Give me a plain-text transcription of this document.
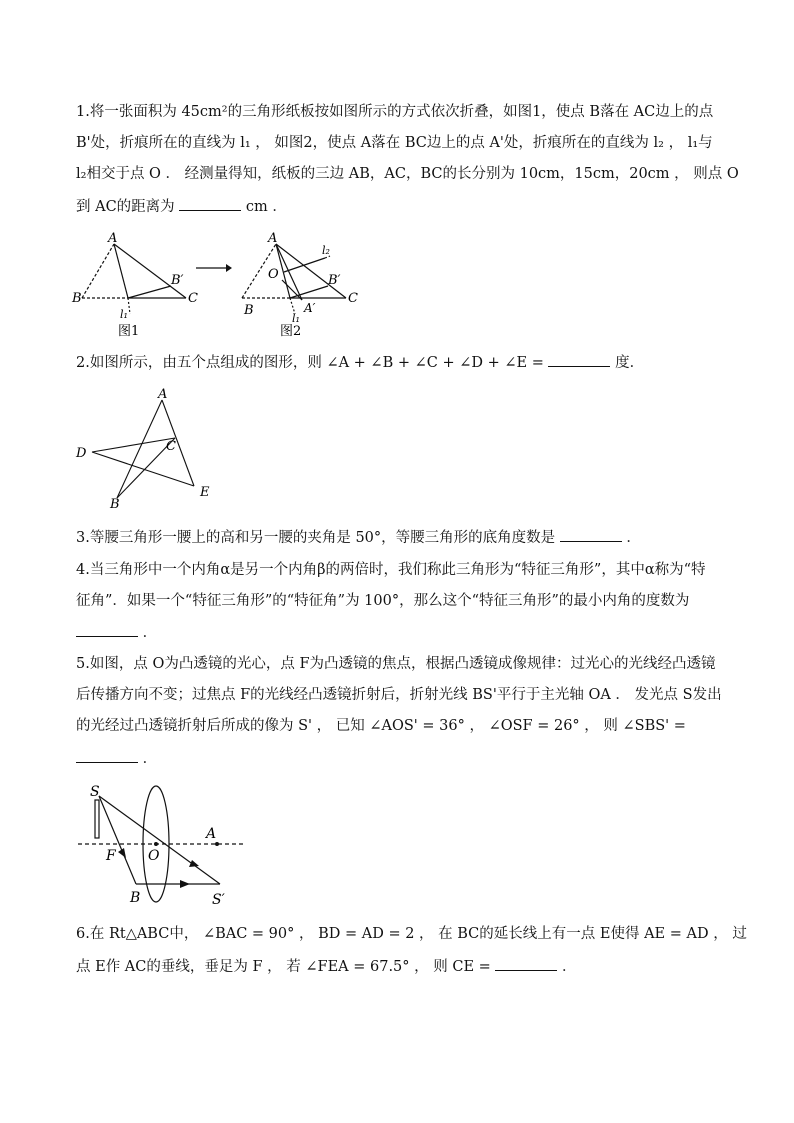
1.将一张面积为 45cm²的三角形纸板按如图所示的方式依次折叠，如图1，使点 B落在 AC边上的点
B'处，折痕所在的直线为 l₁ ， 如图2，使点 A落在 BC边上的点 A'处，折痕所在的直线为 l₂ ， l₁与
l₂相交于点 O ． 经测量得知，纸板的三边 AB，AC，BC的长分别为 10cm，15cm，20cm ， 则点 O
到 AC的距离为	cm ．
A
B	C
B′
l₁
图1
A
B
C
B′
A′
O
l₁
l₂
图2
2.如图所示，由五个点组成的图形，则 ∠A + ∠B + ∠C + ∠D + ∠E =	度．
A
B
C
D
E
3.等腰三角形一腰上的高和另一腰的夹角是 50°，等腰三角形的底角度数是	．
4.当三角形中一个内角α是另一个内角β的两倍时，我们称此三角形为“特征三角形”，其中α称为“特
征角”．如果一个“特征三角形”的“特征角”为 100°，那么这个“特征三角形”的最小内角的度数为
．
5.如图，点 O为凸透镜的光心，点 F为凸透镜的焦点，根据凸透镜成像规律：过光心的光线经凸透镜
后传播方向不变；过焦点 F的光线经凸透镜折射后，折射光线 BS'平行于主光轴 OA ． 发光点 S发出
的光经过凸透镜折射后所成的像为 S' ， 已知 ∠AOS' = 36° ， ∠OSF = 26° ， 则 ∠SBS' =
．
S
F O
A
B	S′
6.在 Rt△ABC中， ∠BAC = 90° ， BD = AD = 2 ， 在 BC的延长线上有一点 E使得 AE = AD ， 过
点 E作 AC的垂线，垂足为 F ， 若 ∠FEA = 67.5° ， 则 CE =	．
